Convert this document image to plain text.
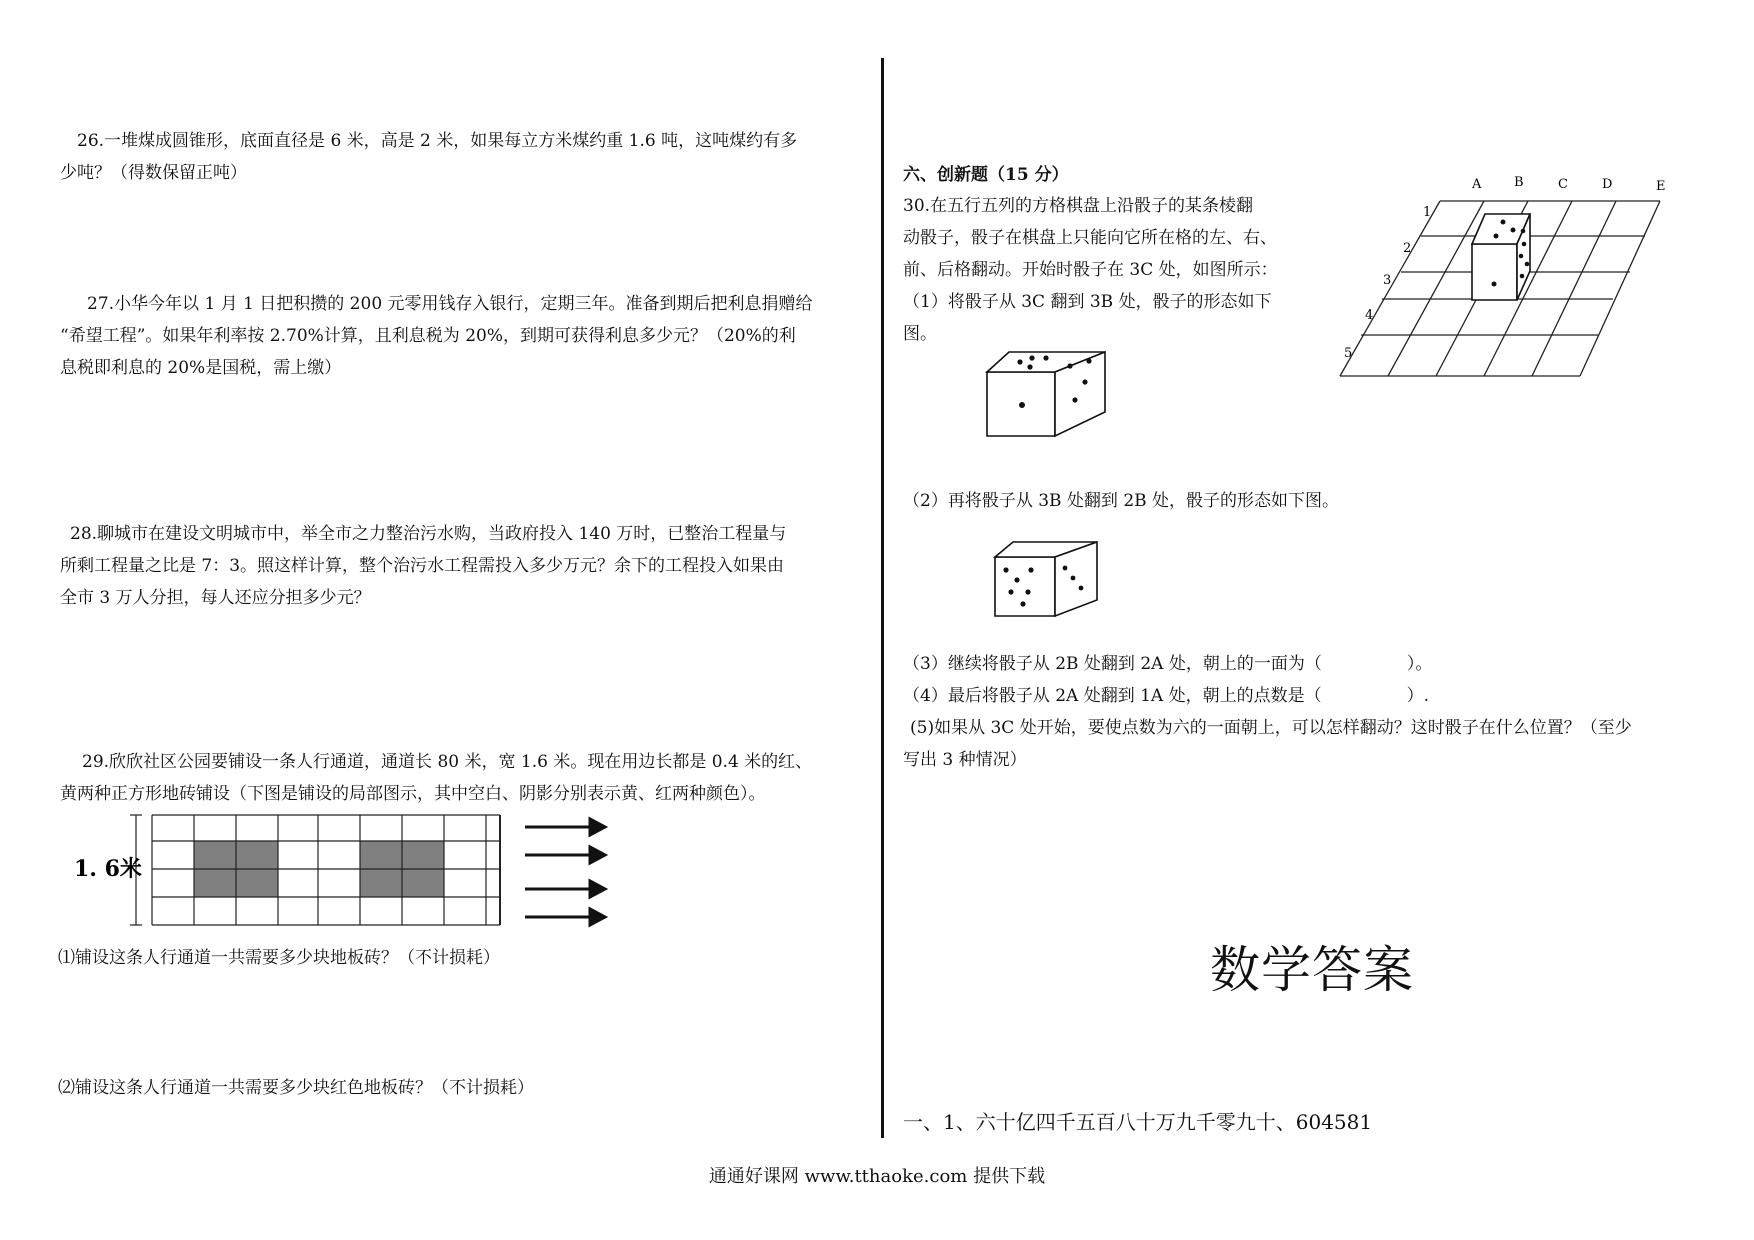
26.一堆煤成圆锥形，底面直径是 6 米，高是 2 米，如果每立方米煤约重 1.6 吨，这吨煤约有多

少吨？（得数保留正吨）

27.小华今年以 1 月 1 日把积攒的 200 元零用钱存入银行，定期三年。准备到期后把利息捐赠给

“希望工程”。如果年利率按 2.70%计算，且利息税为 20%，到期可获得利息多少元？（20%的利

息税即利息的 20%是国税，需上缴）

28.聊城市在建设文明城市中，举全市之力整治污水购，当政府投入 140 万时，已整治工程量与

所剩工程量之比是 7：3。照这样计算，整个治污水工程需投入多少万元？余下的工程投入如果由

全市 3 万人分担，每人还应分担多少元？

29.欣欣社区公园要铺设一条人行通道，通道长 80 米，宽 1.6 米。现在用边长都是 0.4 米的红、

黄两种正方形地砖铺设（下图是铺设的局部图示，其中空白、阴影分别表示黄、红两种颜色）。

1. 6米

⑴铺设这条人行通道一共需要多少块地板砖？（不计损耗）

⑵铺设这条人行通道一共需要多少块红色地板砖？（不计损耗）

六、创新题（15 分）

30.在五行五列的方格棋盘上沿骰子的某条棱翻

动骰子，骰子在棋盘上只能向它所在格的左、右、

前、后格翻动。开始时骰子在 3C 处，如图所示：

（1）将骰子从 3C 翻到 3B 处，骰子的形态如下

图。

A	B	C	D	E
1
2
3
4
5

（2）再将骰子从 3B 处翻到 2B 处，骰子的形态如下图。

（3）继续将骰子从 2B 处翻到 2A 处，朝上的一面为（　　　　　）。

（4）最后将骰子从 2A 处翻到 1A 处，朝上的点数是（　　　　　）.

(5)如果从 3C 处开始，要使点数为六的一面朝上，可以怎样翻动？这时骰子在什么位置？（至少

写出 3 种情况）

数学答案
一、1、六十亿四千五百八十万九千零九十、604581
通通好课网 www.tthaoke.com 提供下载
